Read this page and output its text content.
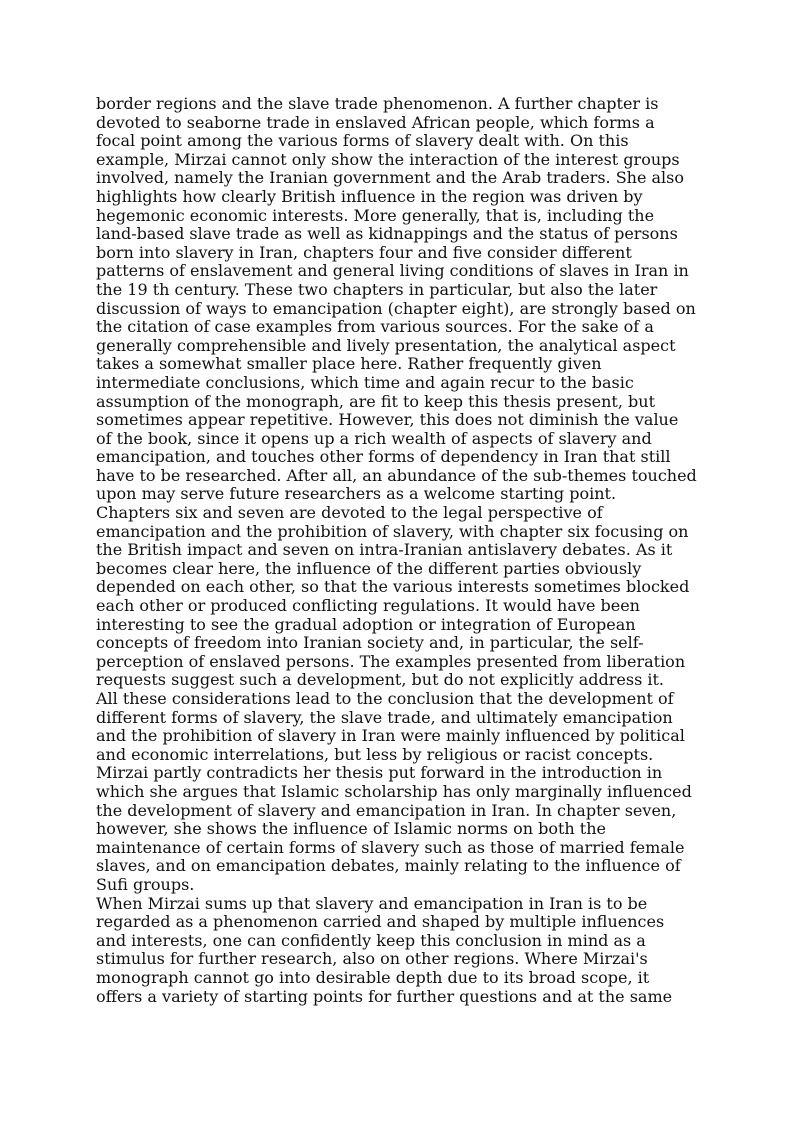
border regions and the slave trade phenomenon. A further chapter is
devoted to seaborne trade in enslaved African people, which forms a
focal point among the various forms of slavery dealt with. On this
example, Mirzai cannot only show the interaction of the interest groups
involved, namely the Iranian government and the Arab traders. She also
highlights how clearly British influence in the region was driven by
hegemonic economic interests. More generally, that is, including the
land-based slave trade as well as kidnappings and the status of persons
born into slavery in Iran, chapters four and five consider different
patterns of enslavement and general living conditions of slaves in Iran in
the 19 th century. These two chapters in particular, but also the later
discussion of ways to emancipation (chapter eight), are strongly based on
the citation of case examples from various sources. For the sake of a
generally comprehensible and lively presentation, the analytical aspect
takes a somewhat smaller place here. Rather frequently given
intermediate conclusions, which time and again recur to the basic
assumption of the monograph, are fit to keep this thesis present, but
sometimes appear repetitive. However, this does not diminish the value
of the book, since it opens up a rich wealth of aspects of slavery and
emancipation, and touches other forms of dependency in Iran that still
have to be researched. After all, an abundance of the sub-themes touched
upon may serve future researchers as a welcome starting point.
Chapters six and seven are devoted to the legal perspective of
emancipation and the prohibition of slavery, with chapter six focusing on
the British impact and seven on intra-Iranian antislavery debates. As it
becomes clear here, the influence of the different parties obviously
depended on each other, so that the various interests sometimes blocked
each other or produced conflicting regulations. It would have been
interesting to see the gradual adoption or integration of European
concepts of freedom into Iranian society and, in particular, the self-
perception of enslaved persons. The examples presented from liberation
requests suggest such a development, but do not explicitly address it.
All these considerations lead to the conclusion that the development of
different forms of slavery, the slave trade, and ultimately emancipation
and the prohibition of slavery in Iran were mainly influenced by political
and economic interrelations, but less by religious or racist concepts.
Mirzai partly contradicts her thesis put forward in the introduction in
which she argues that Islamic scholarship has only marginally influenced
the development of slavery and emancipation in Iran. In chapter seven,
however, she shows the influence of Islamic norms on both the
maintenance of certain forms of slavery such as those of married female
slaves, and on emancipation debates, mainly relating to the influence of
Sufi groups.
When Mirzai sums up that slavery and emancipation in Iran is to be
regarded as a phenomenon carried and shaped by multiple influences
and interests, one can confidently keep this conclusion in mind as a
stimulus for further research, also on other regions. Where Mirzai's
monograph cannot go into desirable depth due to its broad scope, it
offers a variety of starting points for further questions and at the same
